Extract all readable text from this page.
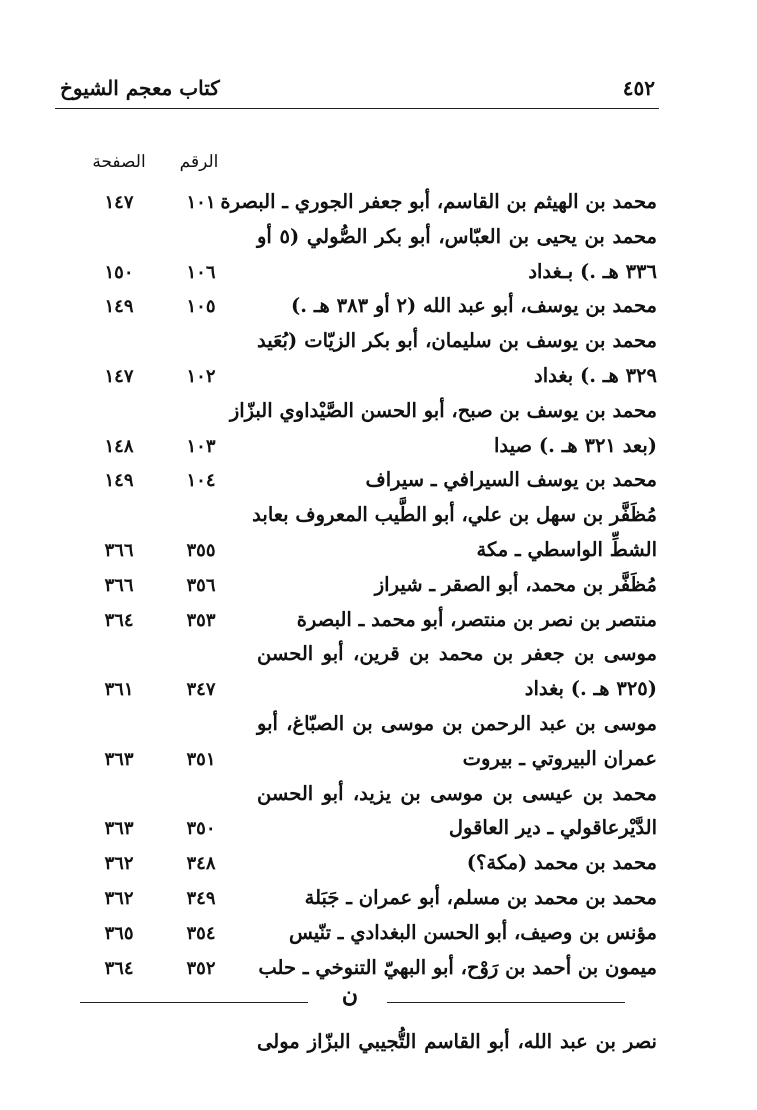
كتاب معجم الشيوخ	٤٥٢
الرقم
الصفحة
محمد بن الهيثم بن القاسم، أبو جعفر الجوري ـ البصرة
١٠١
١٤٧
محمد بن يحيى بن العبّاس، أبو بكر الصُّولي (٥ أو
٣٣٦ هـ .) بـغداد
١٠٦
١٥٠
محمد بن يوسف، أبو عبد الله (٢ أو ٣٨٣ هـ .)
١٠٥
١٤٩
محمد بن يوسف بن سليمان، أبو بكر الزيّات (بُعَيد
٣٢٩ هـ .) بغداد
١٠٢
١٤٧
محمد بن يوسف بن صبح، أبو الحسن الصَّيْداوي البزّاز
(بعد ٣٢١ هـ .) صيدا
١٠٣
١٤٨
محمد بن يوسف السيرافي ـ سيراف
١٠٤
١٤٩
مُظَفَّر بن سهل بن علي، أبو الطَّيب المعروف بعابد
الشطِّ الواسطي ـ مكة
٣٥٥
٣٦٦
مُظَفَّر بن محمد، أبو الصقر ـ شيراز
٣٥٦
٣٦٦
منتصر بن نصر بن منتصر، أبو محمد ـ البصرة
٣٥٣
٣٦٤
موسى بن جعفر بن محمد بن قرين، أبو الحسن
(٣٢٥ هـ .) بغداد
٣٤٧
٣٦١
موسى بن عبد الرحمن بن موسى بن الصبّاغ، أبو
عمران البيروتي ـ بيروت
٣٥١
٣٦٣
محمد بن عيسى بن موسى بن يزيد، أبو الحسن
الدَّيْرعاقولي ـ دير العاقول
٣٥٠
٣٦٣
محمد بن محمد (مكة؟)
٣٤٨
٣٦٢
محمد بن محمد بن مسلم، أبو عمران ـ جَبَلة
٣٤٩
٣٦٢
مؤنس بن وصيف، أبو الحسن البغدادي ـ تنّيس
٣٥٤
٣٦٥
ميمون بن أحمد بن رَوْح، أبو البهيّ التنوخي ـ حلب
٣٥٢
٣٦٤
ن
نصر بن عبد الله، أبو القاسم التُّجيبي البزّاز مولى
